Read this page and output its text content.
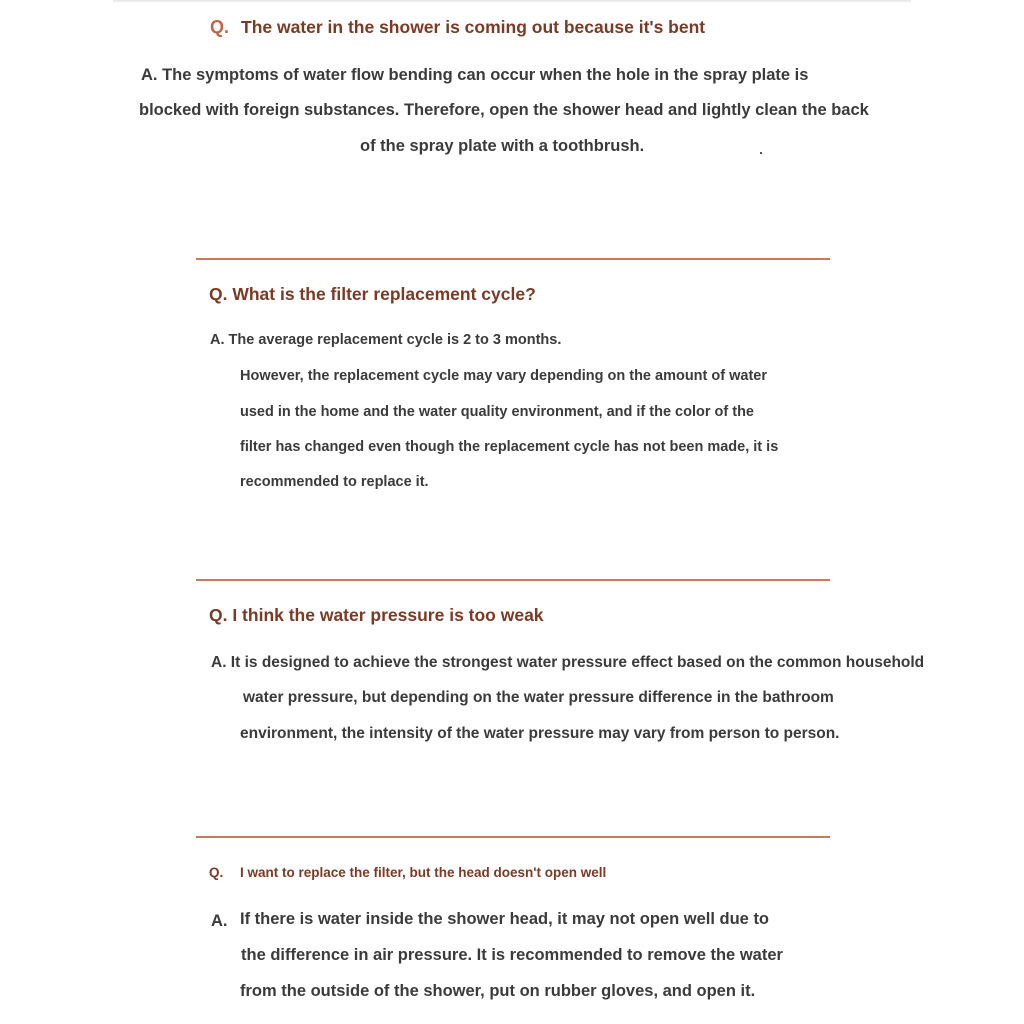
Q. The water in the shower is coming out because it's bent
A. The symptoms of water flow bending can occur when the hole in the spray plate is
blocked with foreign substances. Therefore, open the shower head and lightly clean the back
of the spray plate with a toothbrush.
Q. What is the filter replacement cycle?
A. The average replacement cycle is 2 to 3 months.
However, the replacement cycle may vary depending on the amount of water
used in the home and the water quality environment, and if the color of the
filter has changed even though the replacement cycle has not been made, it is
recommended to replace it.
Q. I think the water pressure is too weak
A. It is designed to achieve the strongest water pressure effect based on the common household
water pressure, but depending on the water pressure difference in the bathroom
environment, the intensity of the water pressure may vary from person to person.
Q. I want to replace the filter, but the head doesn't open well
A. If there is water inside the shower head, it may not open well due to
the difference in air pressure. It is recommended to remove the water
from the outside of the shower, put on rubber gloves, and open it.
